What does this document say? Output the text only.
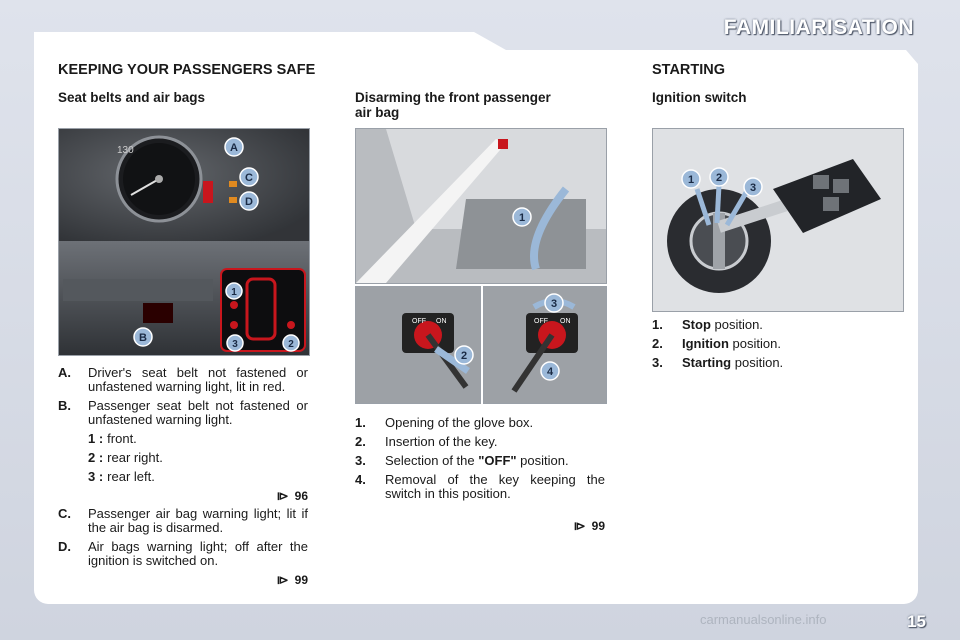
FAMILIARISATION
KEEPING YOUR PASSENGERS SAFE	STARTING
Seat belts and air bags
130	A
C
D
B
1
2
3
A.	Driver's seat belt not fastened or unfastened warning light, lit in red.
B.	Passenger seat belt not fastened or unfastened warning light.
1 : front.
2 : rear right.
3 : rear left.
⧐ 96
C.	Passenger air bag warning light; lit if the air bag is disarmed.
D.	Air bags warning light; off after the ignition is switched on.
⧐ 99
Disarming the front passenger air bag
1
OFF ON
2
OFF ON
3
4
1.	Opening of the glove box.
2.	Insertion of the key.
3.	Selection of the "OFF" position.
4.	Removal of the key keeping the switch in this position.
⧐ 99
Ignition switch
1 2
3
1.	Stop position.
2.	Ignition position.
3.	Starting position.
15
carmanualsonline.info
